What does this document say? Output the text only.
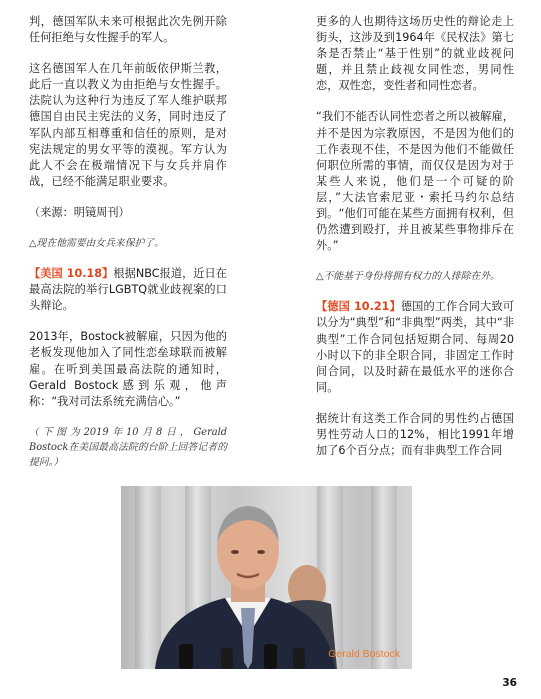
判，德国军队未来可根据此次先例开除任何拒绝与女性握手的军人。

这名德国军人在几年前皈依伊斯兰教，此后一直以教义为由拒绝与女性握手。法院认为这种行为违反了军人维护联邦德国自由民主宪法的义务，同时违反了军队内部互相尊重和信任的原则，是对宪法规定的男女平等的漠视。军方认为此人不会在极端情况下与女兵并肩作战，已经不能满足职业要求。

（来源：明镜周刊）

△现在他需要由女兵来保护了。

【美国 10.18】根据NBC报道，近日在最高法院的举行LGBTQ就业歧视案的口头辩论。

2013年，Bostock被解雇，只因为他的老板发现他加入了同性恋垒球联而被解雇。在听到美国最高法院的通知时，Gerald Bostock感到乐观，他声称：“我对司法系统充满信心。”

（下图为2019年10月8日，Gerald Bostock在美国最高法院的台阶上回答记者的提问。）

更多的人也期待这场历史性的辩论走上街头，这涉及到1964年《民权法》第七条是否禁止“基于性别”的就业歧视问题，并且禁止歧视女同性恋，男同性恋，双性恋，变性者和同性恋者。

“我们不能否认同性恋者之所以被解雇，并不是因为宗教原因，不是因为他们的工作表现不佳，不是因为他们不能做任何职位所需的事情，而仅仅是因为对于某些人来说，他们是一个可疑的阶层，”大法官索尼亚・索托马约尔总结到。“他们可能在某些方面拥有权利，但仍然遭到殴打，并且被某些事物排斥在外。”

△不能基于身份将拥有权力的人排除在外。

【德国 10.21】德国的工作合同大致可以分为“典型”和“非典型”两类，其中“非典型”工作合同包括短期合同、每周20小时以下的非全职合同，非固定工作时间合同，以及时薪在最低水平的迷你合同。

据统计有这类工作合同的男性约占德国男性劳动人口的12%，相比1991年增加了6个百分点；而有非典型工作合同

Gerald Bostock
36
